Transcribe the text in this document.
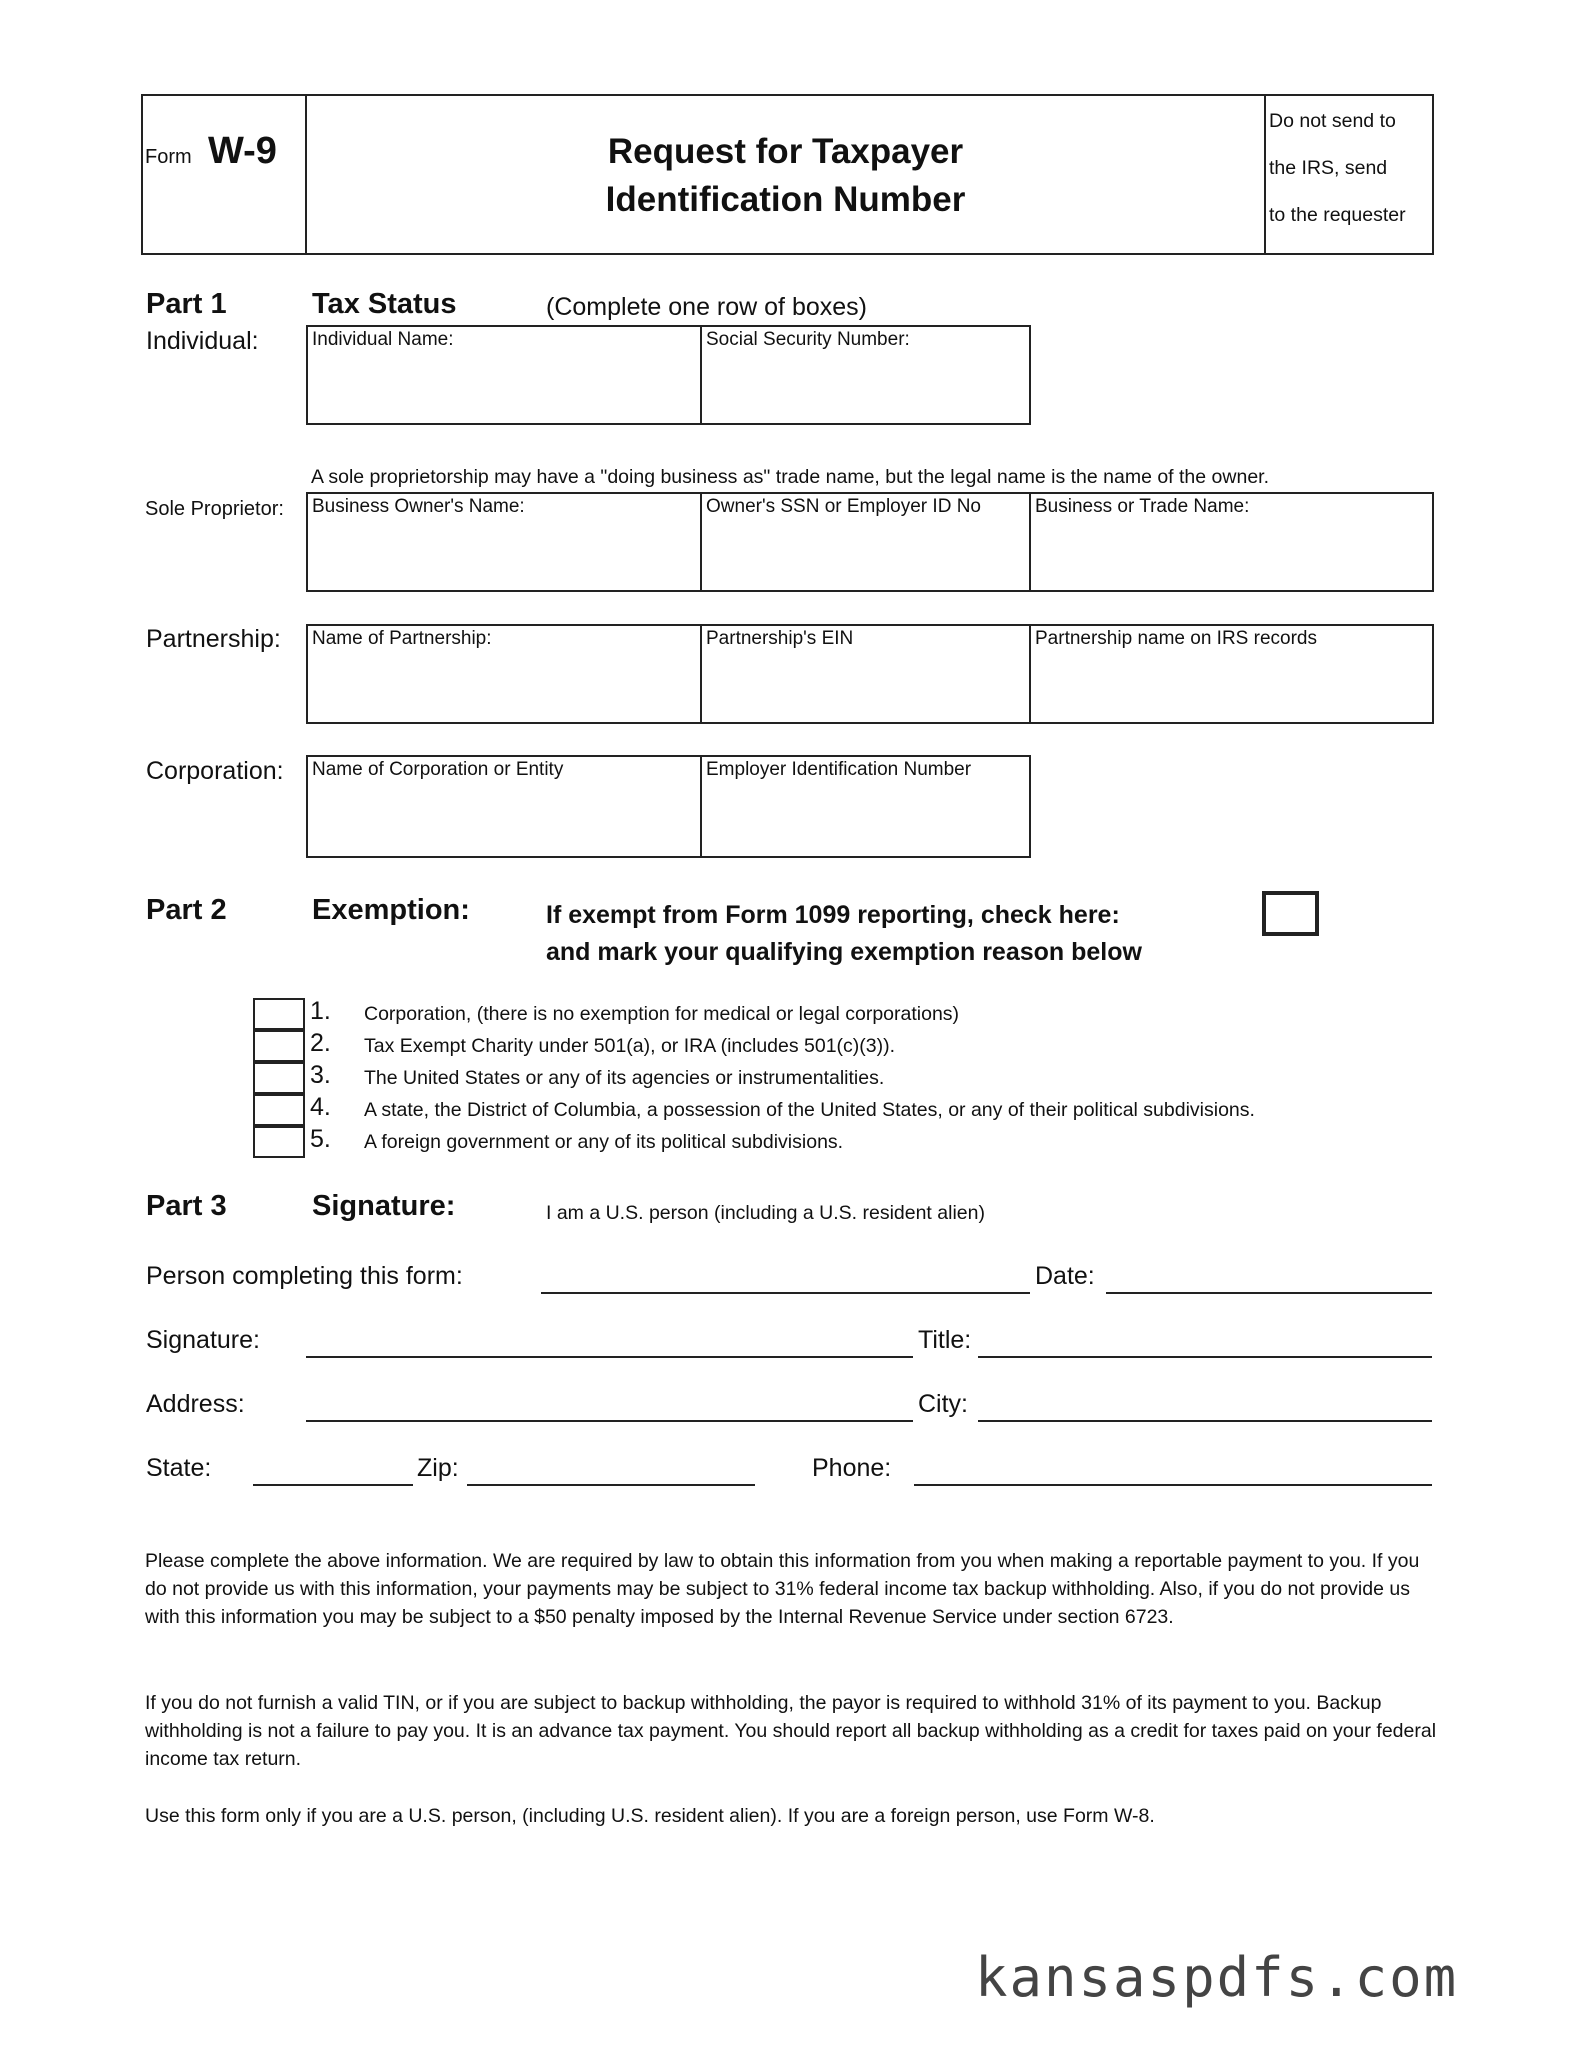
Form W-9	Request for Taxpayer
Identification Number
Do not send to
the IRS, send
to the requester
Part 1	Tax Status	(Complete one row of boxes)
Individual:	Individual Name:	Social Security Number:
A sole proprietorship may have a "doing business as" trade name, but the legal name is the name of the owner.
Sole Proprietor: Business Owner's Name:	Owner's SSN or Employer ID No	Business or Trade Name:
Partnership: Name of Partnership:	Partnership's EIN	Partnership name on IRS records
Corporation: Name of Corporation or Entity	Employer Identification Number
Part 2	Exemption:	If exempt from Form 1099 reporting, check here:
and mark your qualifying exemption reason below
1. Corporation, (there is no exemption for medical or legal corporations)
2. Tax Exempt Charity under 501(a), or IRA (includes 501(c)(3)).
3. The United States or any of its agencies or instrumentalities.
4. A state, the District of Columbia, a possession of the United States, or any of their political subdivisions.
5. A foreign government or any of its political subdivisions.
Part 3	Signature:	I am a U.S. person (including a U.S. resident alien)
Person completing this form:	Date:
Signature:	Title:
Address:	City:
State:	Zip:	Phone:
Please complete the above information. We are required by law to obtain this information from you when making a reportable payment to you. If you do not provide us with this information, your payments may be subject to 31% federal income tax backup withholding. Also, if you do not provide us with this information you may be subject to a $50 penalty imposed by the Internal Revenue Service under section 6723.
If you do not furnish a valid TIN, or if you are subject to backup withholding, the payor is required to withhold 31% of its payment to you. Backup withholding is not a failure to pay you. It is an advance tax payment. You should report all backup withholding as a credit for taxes paid on your federal income tax return.
Use this form only if you are a U.S. person, (including U.S. resident alien). If you are a foreign person, use Form W-8.
kansaspdfs.com
